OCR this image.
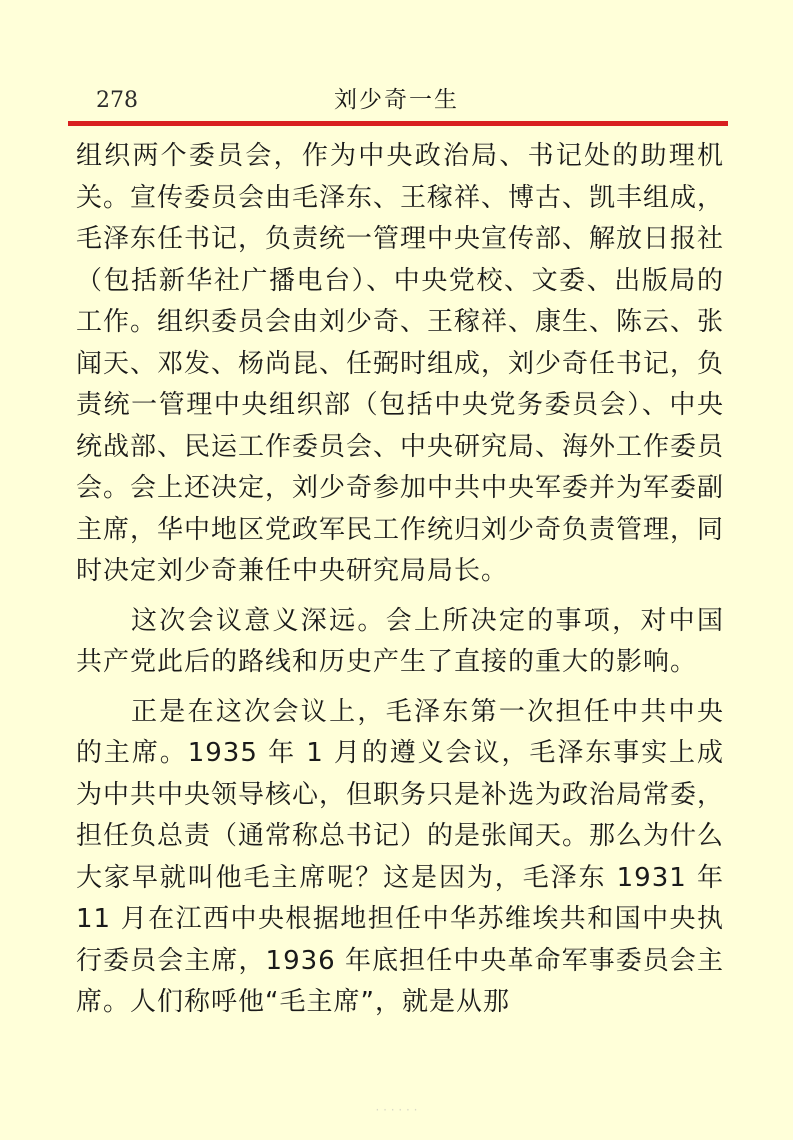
278	刘少奇一生

组织两个委员会，作为中央政治局、书记处的助理机关。宣传委员会由毛泽东、王稼祥、博古、凯丰组成，毛泽东任书记，负责统一管理中央宣传部、解放日报社（包括新华社广播电台）、中央党校、文委、出版局的工作。组织委员会由刘少奇、王稼祥、康生、陈云、张闻天、邓发、杨尚昆、任弼时组成，刘少奇任书记，负责统一管理中央组织部（包括中央党务委员会）、中央统战部、民运工作委员会、中央研究局、海外工作委员会。会上还决定，刘少奇参加中共中央军委并为军委副主席，华中地区党政军民工作统归刘少奇负责管理，同时决定刘少奇兼任中央研究局局长。

这次会议意义深远。会上所决定的事项，对中国共产党此后的路线和历史产生了直接的重大的影响。

正是在这次会议上，毛泽东第一次担任中共中央的主席。1935 年 1 月的遵义会议，毛泽东事实上成为中共中央领导核心，但职务只是补选为政治局常委，担任负总责（通常称总书记）的是张闻天。那么为什么大家早就叫他毛主席呢？这是因为，毛泽东 1931 年 11 月在江西中央根据地担任中华苏维埃共和国中央执行委员会主席，1936 年底担任中央革命军事委员会主席。人们称呼他“毛主席”，就是从那

· · · · · ·
